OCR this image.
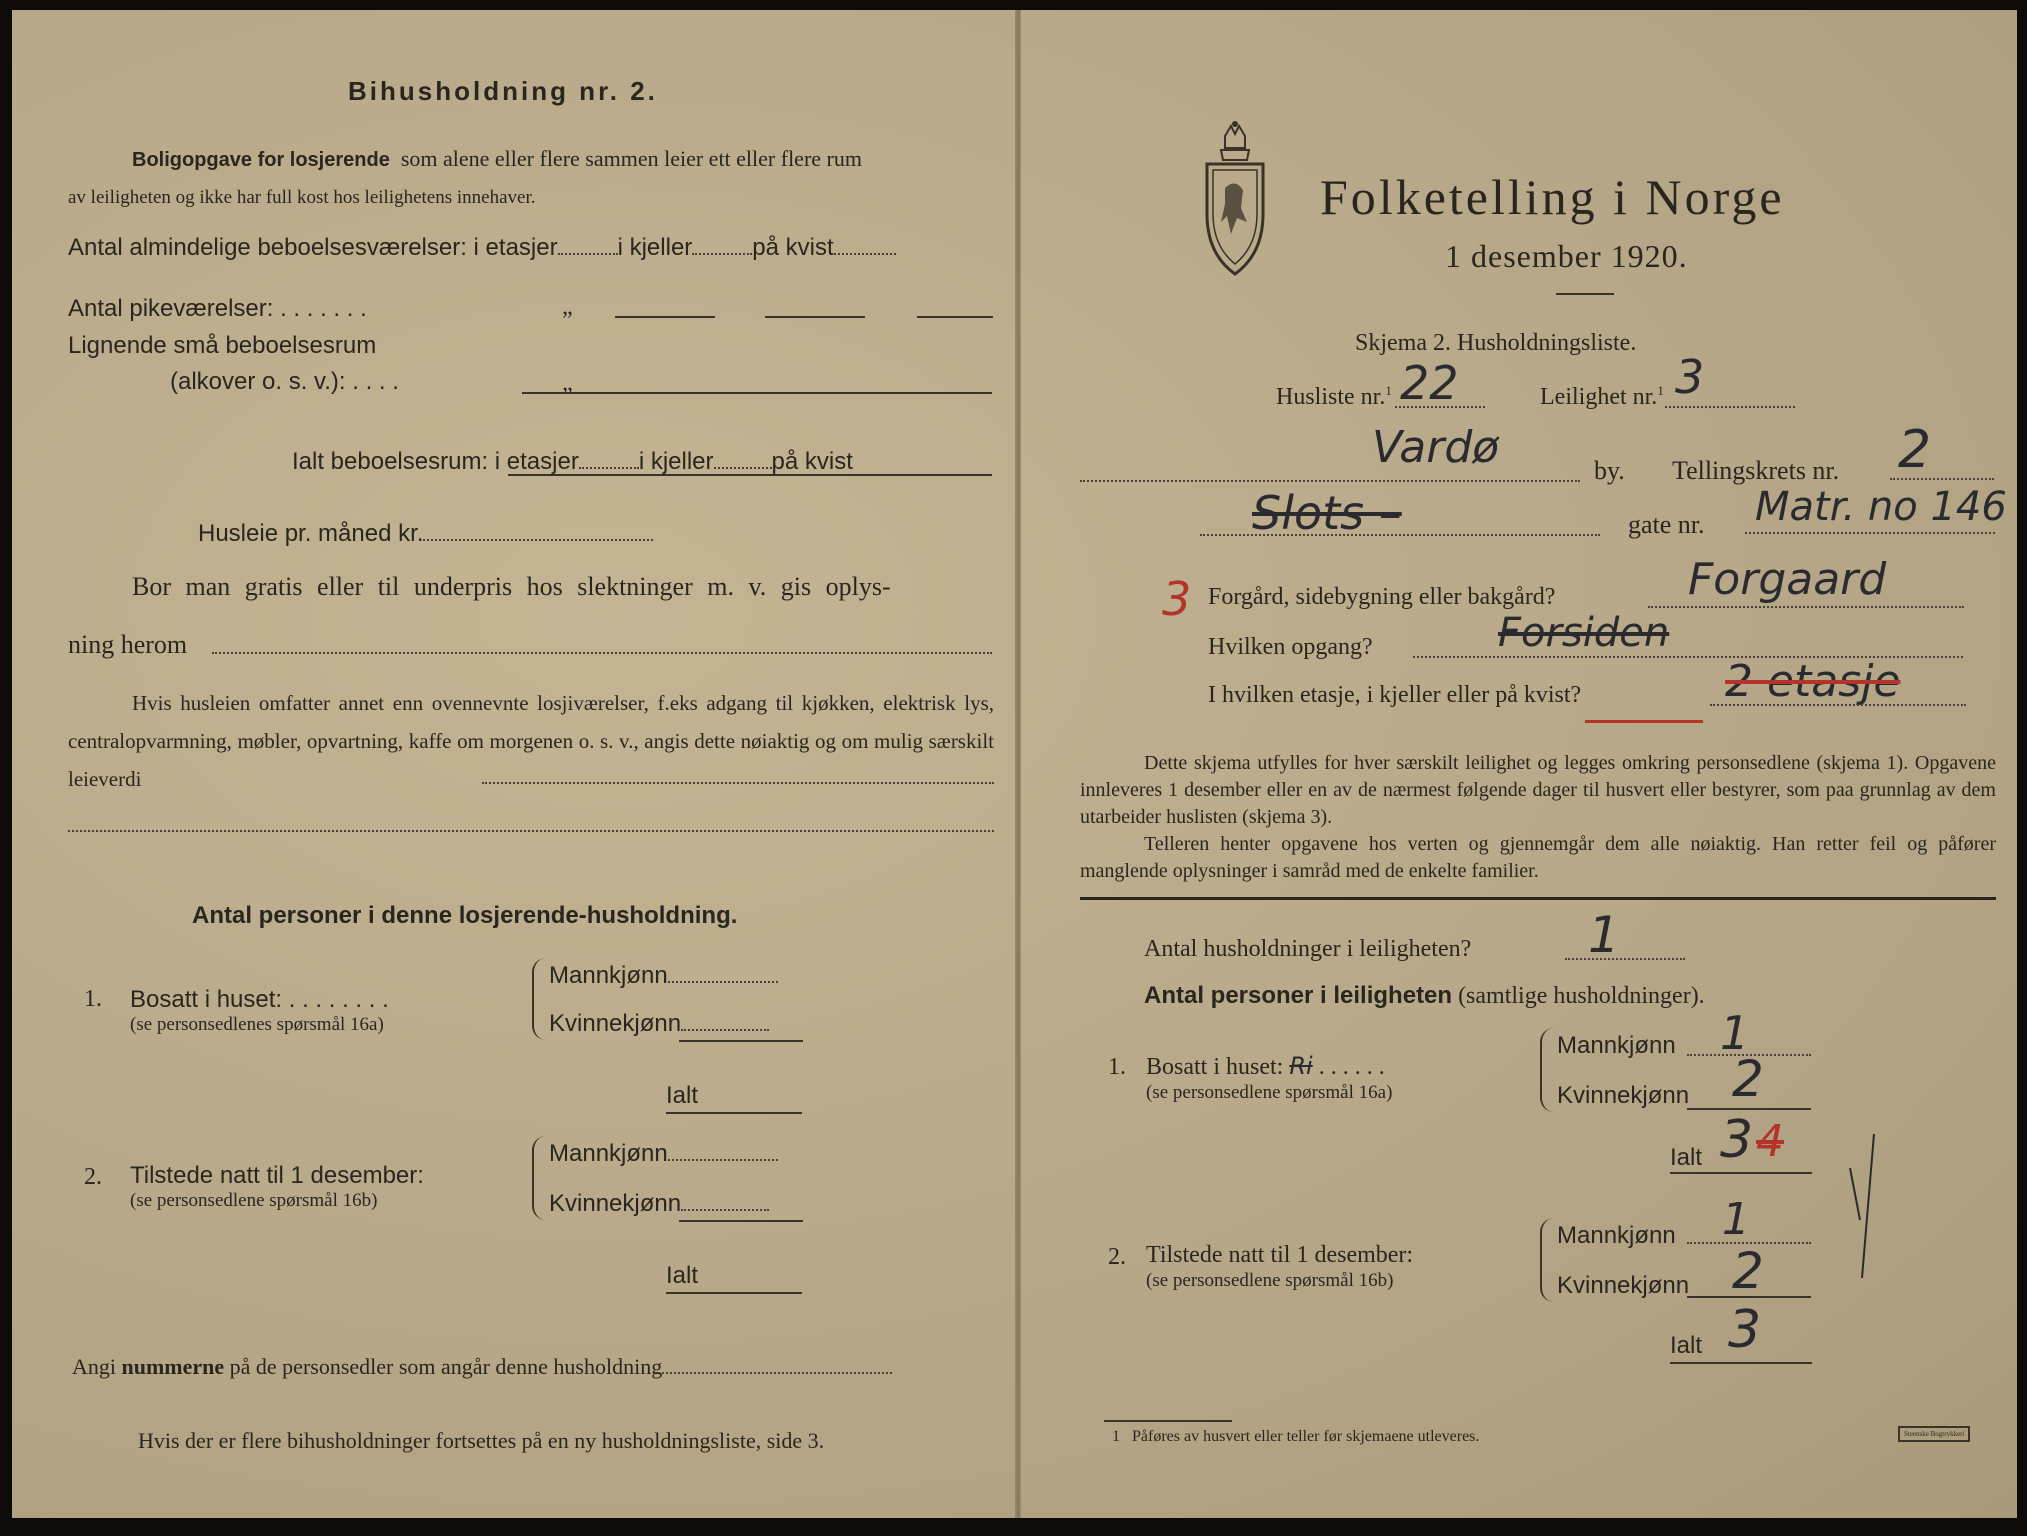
Bihusholdning nr. 2.
Boligopgave for losjerende som alene eller flere sammen leier ett eller flere rum
av leiligheten og ikke har full kost hos leilighetens innehaver.
Antal almindelige beboelsesværelser: i etasjer	i kjeller	på kvist
Antal pikeværelser: . . . . . . .	„
Lignende små beboelsesrum
(alkover o. s. v.): . . . .	„
Ialt beboelsesrum: i etasjer	i kjeller på kvist
Husleie pr. måned kr.
Bor man gratis eller til underpris hos slektninger m. v. gis oplys-
ning herom
Hvis husleien omfatter annet enn ovennevnte losjiværelser, f.eks adgang til kjøkken, elektrisk lys, centralopvarmning, møbler, opvartning, kaffe om morgenen o. s. v., angis dette nøiaktig og om mulig særskilt leieverdi
Antal personer i denne losjerende-husholdning.
1. Bosatt i huset: . . . . . . . .
(se personsedlenes spørsmål 16a)
Mannkjønn
Kvinnekjønn
Ialt
2. Tilstede natt til 1 desember:
(se personsedlene spørsmål 16b)
Mannkjønn
Kvinnekjønn
Ialt
Angi nummerne på de personsedler som angår denne husholdning
Hvis der er flere bihusholdninger fortsettes på en ny husholdningsliste, side 3.
Folketelling i Norge
1 desember 1920.
Skjema 2. Husholdningsliste.
Husliste nr.$^1$ 22	Leilighet nr.$^1$ 3
Vardø	by. Tellingskrets nr. 2
Slots –	gate nr. Matr. no 146
3 Forgård, sidebygning eller bakgård?	Forgaard
Hvilken opgang?	Forsiden
I hvilken etasje, i kjeller eller på kvist?	2 etasje
Dette skjema utfylles for hver særskilt leilighet og legges omkring personsedlene (skjema 1). Opgavene innleveres 1 desember eller en av de nærmest følgende dager til husvert eller bestyrer, som paa grunnlag av dem utarbeider huslisten (skjema 3).
Telleren henter opgavene hos verten og gjennemgår dem alle nøiaktig. Han retter feil og påfører manglende oplysninger i samråd med de enkelte familier.
Antal husholdninger i leiligheten? 1
Antal personer i leiligheten (samtlige husholdninger).
1. Bosatt i huset: Ri . . . . . .
(se personsedlene spørsmål 16a)
Mannkjønn 1
Kvinnekjønn 2
Ialt 3 4
2. Tilstede natt til 1 desember:
(se personsedlene spørsmål 16b)
Mannkjønn 1
Kvinnekjønn 2
Ialt 3
1 Påføres av husvert eller teller før skjemaene utleveres.	Steenske Bogtrykkeri
